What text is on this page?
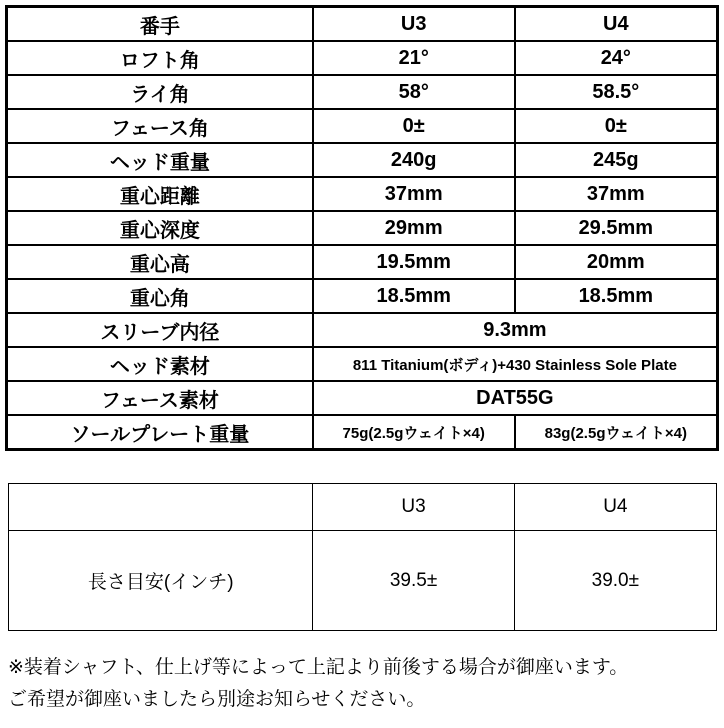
番手	U3	U4
ロフト角	21°	24°
ライ角	58°	58.5°
フェース角	0±	0±
ヘッド重量	240g	245g
重心距離	37mm	37mm
重心深度	29mm	29.5mm
重心高	19.5mm	20mm
重心角	18.5mm	18.5mm
スリーブ内径	9.3mm	
ヘッド素材	811 Titanium(ボディ)+430 Stainless Sole Plate	
フェース素材	DAT55G	
ソールプレート重量	75g(2.5gウェイト×4)	83g(2.5gウェイト×4)
	U3	U4
長さ目安(インチ)	39.5±	39.0±
※装着シャフト、仕上げ等によって上記より前後する場合が御座います。
ご希望が御座いましたら別途お知らせください。
